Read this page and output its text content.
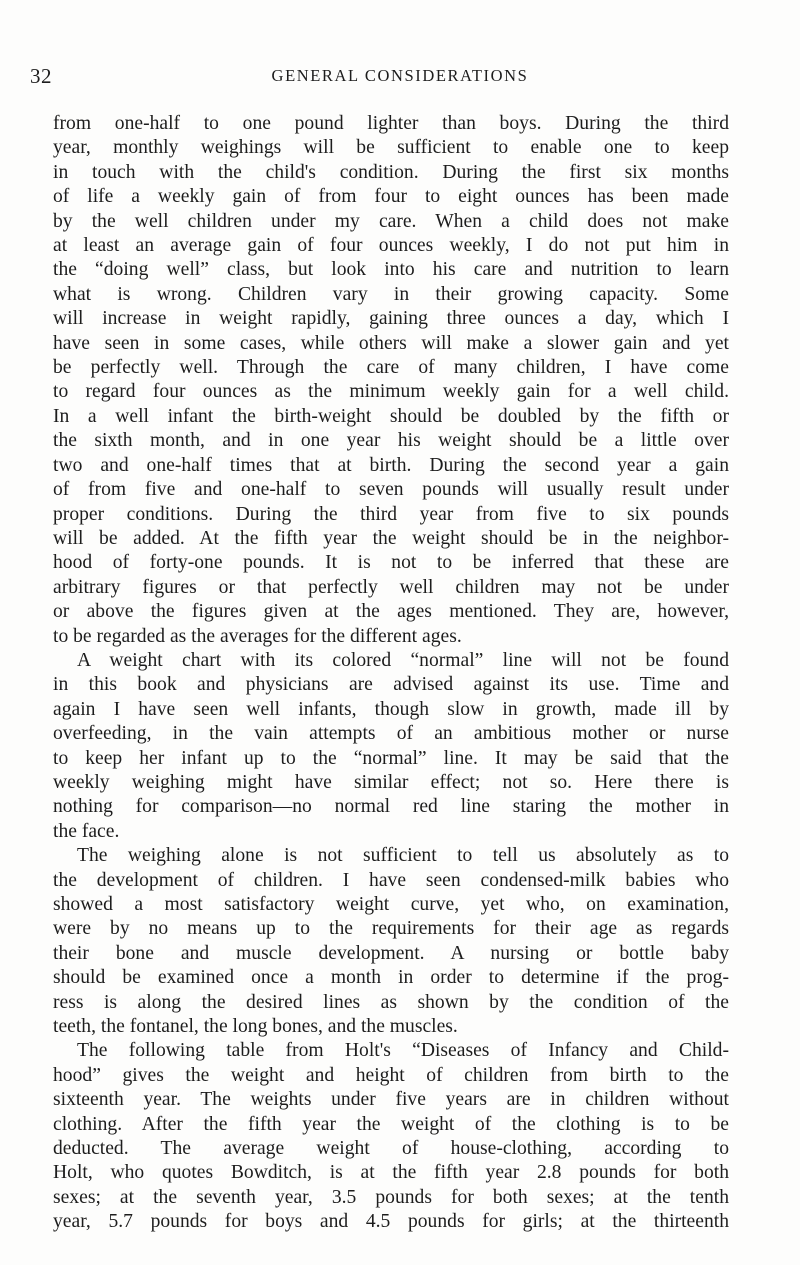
32	GENERAL CONSIDERATIONS
from one-half to one pound lighter than boys. During the third
year, monthly weighings will be sufficient to enable one to keep
in touch with the child's condition. During the first six months
of life a weekly gain of from four to eight ounces has been made
by the well children under my care. When a child does not make
at least an average gain of four ounces weekly, I do not put him in
the “doing well” class, but look into his care and nutrition to learn
what is wrong. Children vary in their growing capacity. Some
will increase in weight rapidly, gaining three ounces a day, which I
have seen in some cases, while others will make a slower gain and yet
be perfectly well. Through the care of many children, I have come
to regard four ounces as the minimum weekly gain for a well child.
In a well infant the birth-weight should be doubled by the fifth or
the sixth month, and in one year his weight should be a little over
two and one-half times that at birth. During the second year a gain
of from five and one-half to seven pounds will usually result under
proper conditions. During the third year from five to six pounds
will be added. At the fifth year the weight should be in the neighbor-
hood of forty-one pounds. It is not to be inferred that these are
arbitrary figures or that perfectly well children may not be under
or above the figures given at the ages mentioned. They are, however,
to be regarded as the averages for the different ages.
A weight chart with its colored “normal” line will not be found
in this book and physicians are advised against its use. Time and
again I have seen well infants, though slow in growth, made ill by
overfeeding, in the vain attempts of an ambitious mother or nurse
to keep her infant up to the “normal” line. It may be said that the
weekly weighing might have similar effect; not so. Here there is
nothing for comparison—no normal red line staring the mother in
the face.
The weighing alone is not sufficient to tell us absolutely as to
the development of children. I have seen condensed-milk babies who
showed a most satisfactory weight curve, yet who, on examination,
were by no means up to the requirements for their age as regards
their bone and muscle development. A nursing or bottle baby
should be examined once a month in order to determine if the prog-
ress is along the desired lines as shown by the condition of the
teeth, the fontanel, the long bones, and the muscles.
The following table from Holt's “Diseases of Infancy and Child-
hood” gives the weight and height of children from birth to the
sixteenth year. The weights under five years are in children without
clothing. After the fifth year the weight of the clothing is to be
deducted. The average weight of house-clothing, according to
Holt, who quotes Bowditch, is at the fifth year 2.8 pounds for both
sexes; at the seventh year, 3.5 pounds for both sexes; at the tenth
year, 5.7 pounds for boys and 4.5 pounds for girls; at the thirteenth
